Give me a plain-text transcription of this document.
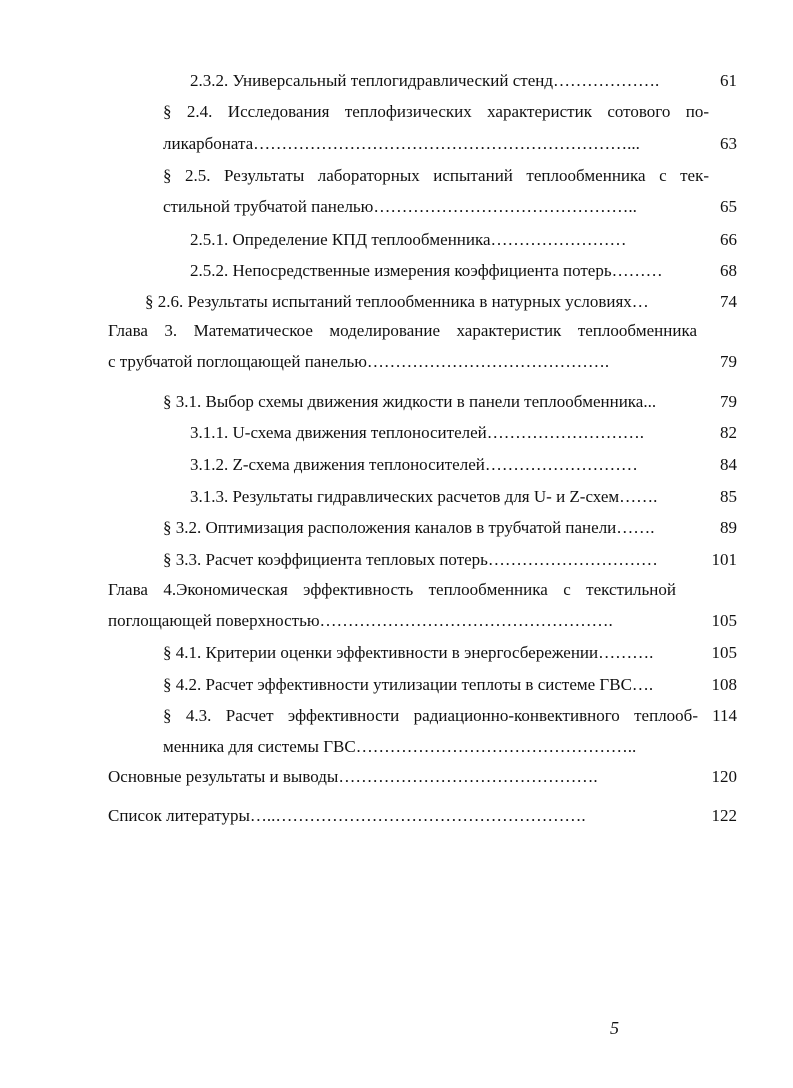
2.3.2. Универсальный теплогидравлический стенд……………….	61
§ 2.4. Исследования теплофизических характеристик сотового по-
ликарбоната…………………………………………………………...	63
§ 2.5. Результаты лабораторных испытаний теплообменника с тек-
стильной трубчатой панелью………………………………………..	65
2.5.1. Определение КПД теплообменника……………………	66
2.5.2. Непосредственные измерения коэффициента потерь………	68
§ 2.6. Результаты испытаний теплообменника в натурных условиях…	74
Глава 3. Математическое моделирование характеристик теплообменника
с трубчатой поглощающей панелью…………………………………….	79
§ 3.1. Выбор схемы движения жидкости в панели теплообменника...	79
3.1.1. U-схема движения теплоносителей……………………….	82
3.1.2. Z-схема движения теплоносителей………………………	84
3.1.3. Результаты гидравлических расчетов для U- и Z-схем…….	85
§ 3.2. Оптимизация расположения каналов в трубчатой панели…….	89
§ 3.3. Расчет коэффициента тепловых потерь…………………………	101
Глава 4.Экономическая эффективность теплообменника с текстильной
поглощающей поверхностью…………………………………………….	105
§ 4.1. Критерии оценки эффективности в энергосбережении……….	105
§ 4.2. Расчет эффективности утилизации теплоты в системе ГВС….	108
§ 4.3. Расчет эффективности радиационно-конвективного теплооб- 114
менника для системы ГВС…………………………………………..
Основные результаты и выводы……………………………………….	120
Список литературы…..……………………………………………….	122
5
